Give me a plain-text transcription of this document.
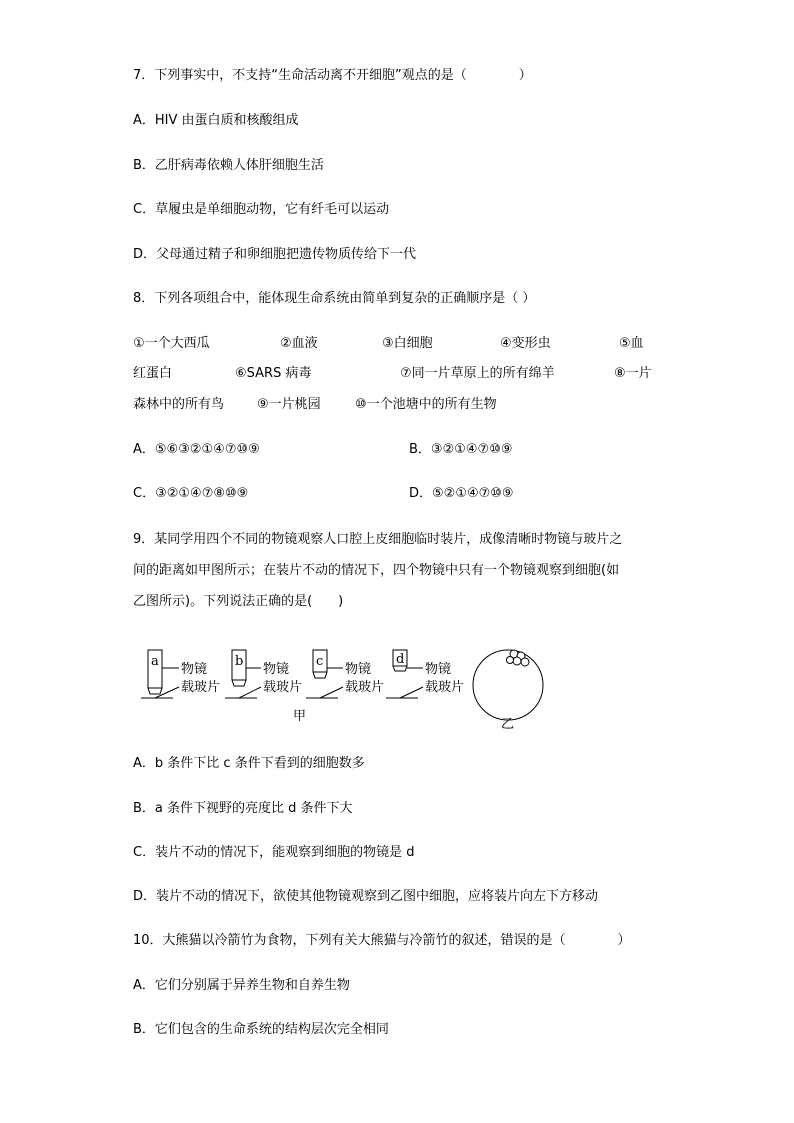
7．下列事实中，不支持“生命活动离不开细胞”观点的是（　　　　）
A．HIV 由蛋白质和核酸组成
B．乙肝病毒依赖人体肝细胞生活
C．草履虫是单细胞动物，它有纤毛可以运动
D．父母通过精子和卵细胞把遗传物质传给下一代
8．下列各项组合中，能体现生命系统由简单到复杂的正确顺序是（ ）
①一个大西瓜	②血液	③白细胞	④变形虫	⑤血
红蛋白	⑥SARS 病毒	⑦同一片草原上的所有绵羊	⑧一片
森林中的所有鸟	⑨一片桃园	⑩一个池塘中的所有生物
A．⑤⑥③②①④⑦⑩⑨	B．③②①④⑦⑩⑨
C．③②①④⑦⑧⑩⑨	D．⑤②①④⑦⑩⑨
9．某同学用四个不同的物镜观察人口腔上皮细胞临时装片，成像清晰时物镜与玻片之
间的距离如甲图所示；在装片不动的情况下，四个物镜中只有一个物镜观察到细胞(如
乙图所示)。下列说法正确的是(　　)
a	b	c	d
物镜
载玻片
物镜
载玻片
物镜
载玻片
物镜
载玻片
甲
乙
A．b 条件下比 c 条件下看到的细胞数多
B．a 条件下视野的亮度比 d 条件下大
C．装片不动的情况下，能观察到细胞的物镜是 d
D．装片不动的情况下，欲使其他物镜观察到乙图中细胞，应将装片向左下方移动
10．大熊猫以冷箭竹为食物，下列有关大熊猫与冷箭竹的叙述，错误的是（　　　　）
A．它们分别属于异养生物和自养生物
B．它们包含的生命系统的结构层次完全相同
